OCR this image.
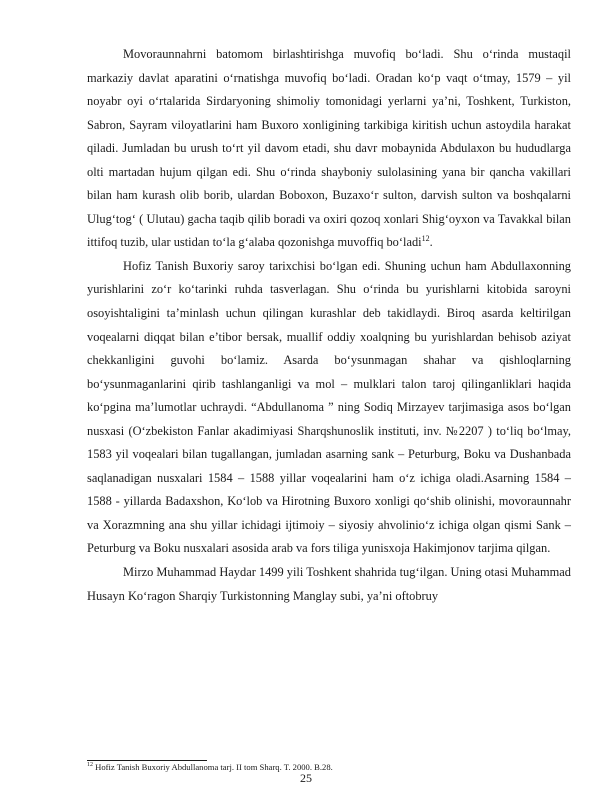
Movoraunnahrni batomom birlashtirishga muvofiq bo‘ladi. Shu o‘rinda mustaqil markaziy davlat aparatini o‘rnatishga muvofiq bo‘ladi. Oradan ko‘p vaqt o‘tmay, 1579 – yil noyabr oyi o‘rtalarida Sirdaryoning shimoliy tomonidagi yerlarni ya’ni, Toshkent, Turkiston, Sabron, Sayram viloyatlarini ham Buxoro xonligining tarkibiga kiritish uchun astoydila harakat qiladi. Jumladan bu urush to‘rt yil davom etadi, shu davr mobaynida Abdulaxon bu hududlarga olti martadan hujum qilgan edi. Shu o‘rinda shayboniy sulolasining yana bir qancha vakillari bilan ham kurash olib borib, ulardan Boboxon, Buzaxo‘r sulton, darvish sulton va boshqalarni Ulug‘tog‘ ( Ulutau) gacha taqib qilib boradi va oxiri qozoq xonlari Shig‘oyxon va Tavakkal bilan ittifoq tuzib, ular ustidan to‘la g‘alaba qozonishga muvoffiq bo‘ladi$^{12}$.

Hofiz Tanish Buxoriy saroy tarixchisi bo‘lgan edi. Shuning uchun ham Abdullaxonning yurishlarini zo‘r ko‘tarinki ruhda tasverlagan. Shu o‘rinda bu yurishlarni kitobida saroyni osoyishtaligini ta’minlash uchun qilingan kurashlar deb takidlaydi. Biroq asarda keltirilgan voqealarni diqqat bilan e’tibor bersak, muallif oddiy xoalqning bu yurishlardan behisob aziyat chekkanligini guvohi bo‘lamiz. Asarda bo‘ysunmagan shahar va qishloqlarning bo‘ysunmaganlarini qirib tashlanganligi va mol – mulklari talon taroj qilinganliklari haqida ko‘pgina ma’lumotlar uchraydi. “Abdullanoma ” ning Sodiq Mirzayev tarjimasiga asos bo‘lgan nusxasi (O‘zbekiston Fanlar akadimiyasi Sharqshunoslik instituti, inv. №2207 ) to‘liq bo‘lmay, 1583 yil voqealari bilan tugallangan, jumladan asarning sank – Peturburg, Boku va Dushanbada saqlanadigan nusxalari 1584 – 1588 yillar voqealarini ham o‘z ichiga oladi.Asarning 1584 – 1588 - yillarda Badaxshon, Ko‘lob va Hirotning Buxoro xonligi qo‘shib olinishi, movoraunnahr va Xorazmning ana shu yillar ichidagi ijtimoiy – siyosiy ahvolinio‘z ichiga olgan qismi Sank – Peturburg va Boku nusxalari asosida arab va fors tiliga yunisxoja Hakimjonov tarjima qilgan.

Mirzo Muhammad Haydar 1499 yili Toshkent shahrida tug‘ilgan. Uning otasi Muhammad Husayn Ko‘ragon Sharqiy Turkistonning Manglay subi, ya’ni oftobruy

$^{12}$ Hofiz Tanish Buxoriy Abdullanoma tarj. II tom Sharq. T. 2000. B.28.
25
